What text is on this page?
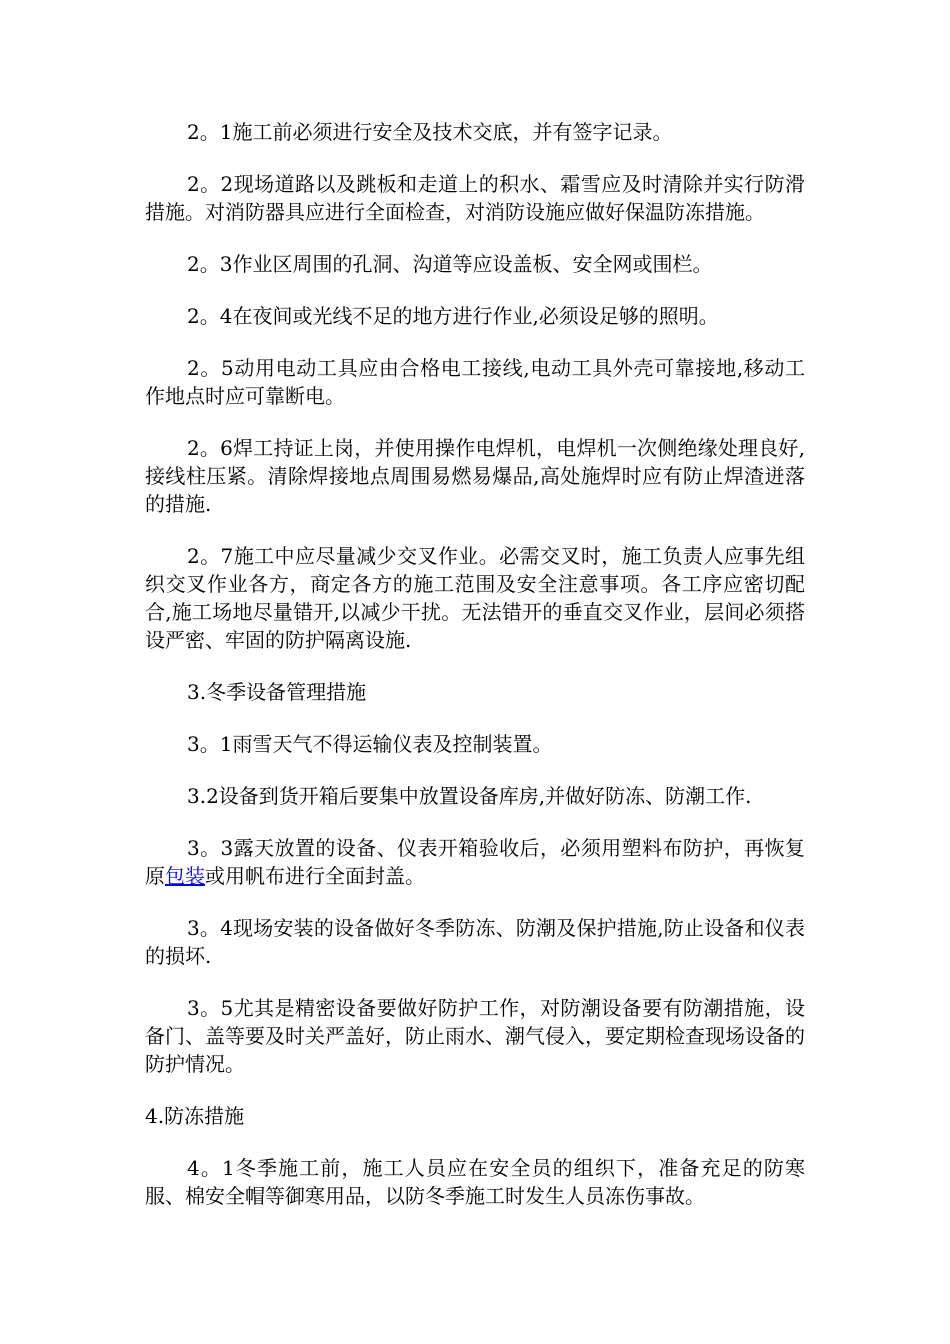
2。1施工前必须进行安全及技术交底，并有签字记录。

2。2现场道路以及跳板和走道上的积水、霜雪应及时清除并实行防滑措施。对消防器具应进行全面检查，对消防设施应做好保温防冻措施。

2。3作业区周围的孔洞、沟道等应设盖板、安全网或围栏。

2。4在夜间或光线不足的地方进行作业,必须设足够的照明。

2。5动用电动工具应由合格电工接线,电动工具外壳可靠接地,移动工作地点时应可靠断电。

2。6焊工持证上岗，并使用操作电焊机，电焊机一次侧绝缘处理良好,接线柱压紧。清除焊接地点周围易燃易爆品,高处施焊时应有防止焊渣迸落的措施.

2。7施工中应尽量减少交叉作业。必需交叉时，施工负责人应事先组织交叉作业各方，商定各方的施工范围及安全注意事项。各工序应密切配合,施工场地尽量错开,以减少干扰。无法错开的垂直交叉作业，层间必须搭设严密、牢固的防护隔离设施.

3.冬季设备管理措施

3。1雨雪天气不得运输仪表及控制装置。

3.2设备到货开箱后要集中放置设备库房,并做好防冻、防潮工作.

3。3露天放置的设备、仪表开箱验收后，必须用塑料布防护，再恢复原包装或用帆布进行全面封盖。

3。4现场安装的设备做好冬季防冻、防潮及保护措施,防止设备和仪表的损坏.

3。5尤其是精密设备要做好防护工作，对防潮设备要有防潮措施，设备门、盖等要及时关严盖好，防止雨水、潮气侵入，要定期检查现场设备的防护情况。

4.防冻措施

4。1冬季施工前，施工人员应在安全员的组织下，准备充足的防寒服、棉安全帽等御寒用品，以防冬季施工时发生人员冻伤事故。
